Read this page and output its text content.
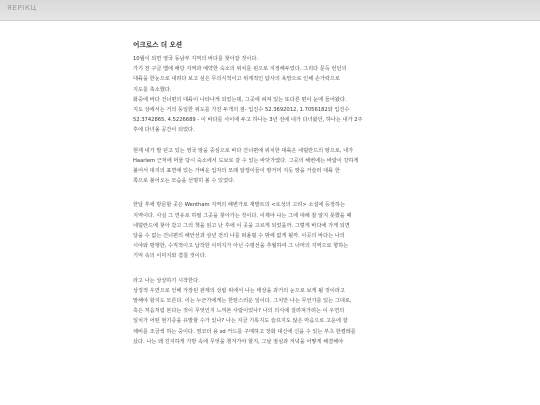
ЯЕРІКЦ
어크로스 더 오션

10월이 되면 영국 동남부 지역의 바다를 찾아갈 것이다.
가기 전 구글 맵에 해당 지역과 예약한 숙소의 위치를 핀으로 지정해두었다. 그리다 문득 런던의
대륙을 한눈으로 내려다 보고 싶은 무의식적이고 위계적인 탐사의 욕망으로 인해 손가락으로
지도를 축소했다.
화중에 바다 건너편의 대륙이 나타나게 되었는데, 그곳에 펴져 있는 또다른 편이 눈에 들어왔다.
지도 상에서는 거의 동일한 위도를 가진 두개의 점- 입진수 52.3692012, 1.7056182와 입진수
52.3742865, 4.5226689 - 이 바다를 사이에 두고 하나는 3년 전에 내가 다녀왔던, 하나는 내가 2주
후에 다녀올 공간이 되었다.

현재 내가 발 딛고 있는 영국 땅을 중심으로 바다 건너편에 위치한 대륙은 네덜란드의 땅으로, 내가
Haarlem 근처에 머물 당시 숙소에서 도보로 갈 수 있는 바닷가였다. 그곳의 해변에는 바람이 강하게
불어서 대지의 표면에 있는 가벼운 입자의 모래 알갱이들이 땅거미 지듯 땅을 거슬러 대륙 한
쪽으로 불어오는 모습을 선명히 볼 수 있었다.

한달 후에 방문할 곳은 Wentham 지역의 해변가로 재발트의 <토성의 고리> 소설에 등장하는
지역이다. 사실 그 연유로 하필 그곳을 찾아가는 것이다. 이제야 나는 그에 대해 잘 알지 못했을 때
네덜란드에 찾아 갔고 그의 책을 읽고 난 후에 이 곳을 고르게 되었을까. 그렇게 바다에 가게 되면
달을 수 없는 건너편의 해안선과 삼년 전의 나를 떠올릴 수 밖에 없게 될까. 이곳의 바다는 나의
시야와 평행한, 수직적이고 납작한 이미지가 아닌 수평선을 추월하여 그 너머의 지역으로 향하는
기억 속의 이미지와 겹칠 것이다.

라고 나는 상상하기 시작한다.
상징적 우연으로 인해 가장된 관계의 성립 위에서 나는 태상을 과거의 눈으로 보게 될 것이라고
말해야 할지도 모른다. 이는 누군가에게는 한탄스러운 일이다. 그치만 나는 무언가를 있는 그대로,
혹은 처음처럼 본다는 것이 무엇인지 느껴본 사람이었나? 나의 의식에 걸려져가려는 이 우연의
일치가 어떤 현기증을 유발할 수가 있나? 나는 지금 기록지도 슬프지도 않은 마음으로 고운에 잘
채비를 조금씩 하는 중이다. 영코더 용 sd 카드를 구매하고 장화 대신에 신을 수 있는 부츠 한켤레를
샀다. 나는 왜 진지하게 가방 속에 무엇을 챙겨가야 할지, 그날 점심과 저녁을 어떻게 해결해야
